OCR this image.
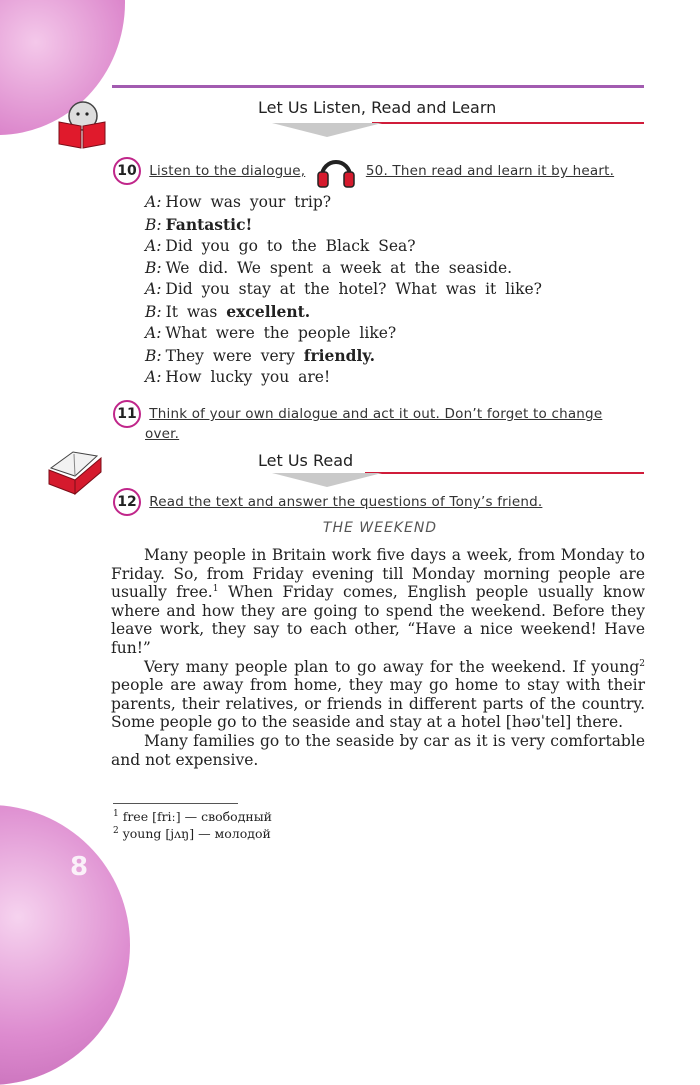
8
Let Us Listen, Read and Learn
10 Listen to the dialogue,	50. Then read and learn it by heart.
A: How was your trip?
B: Fantastic!
A: Did you go to the Black Sea?
B: We did. We spent a week at the seaside.
A: Did you stay at the hotel? What was it like?
B: It was excellent.
A: What were the people like?
B: They were very friendly.
A: How lucky you are!
11 Think of your own dialogue and act it out. Don’t forget to change
over.
Let Us Read
12 Read the text and answer the questions of Tony’s friend.
THE WEEKEND

Many people in Britain work five days a week, from Monday to Friday. So, from Friday evening till Monday morning people are usually free.$^1$ When Friday comes, English people usually know where and how they are going to spend the weekend. Before they leave work, they say to each other, “Have a nice weekend! Have fun!”

Very many people plan to go away for the weekend. If young$^2$ people are away from home, they may go home to stay with their parents, their relatives, or friends in different parts of the country. Some people go to the seaside and stay at a hotel [həʊˈtel] there.

Many families go to the seaside by car as it is very comfortable and not expensive.

$^1$ free [friː] — свободный
$^2$ young [jʌŋ] — молодой
